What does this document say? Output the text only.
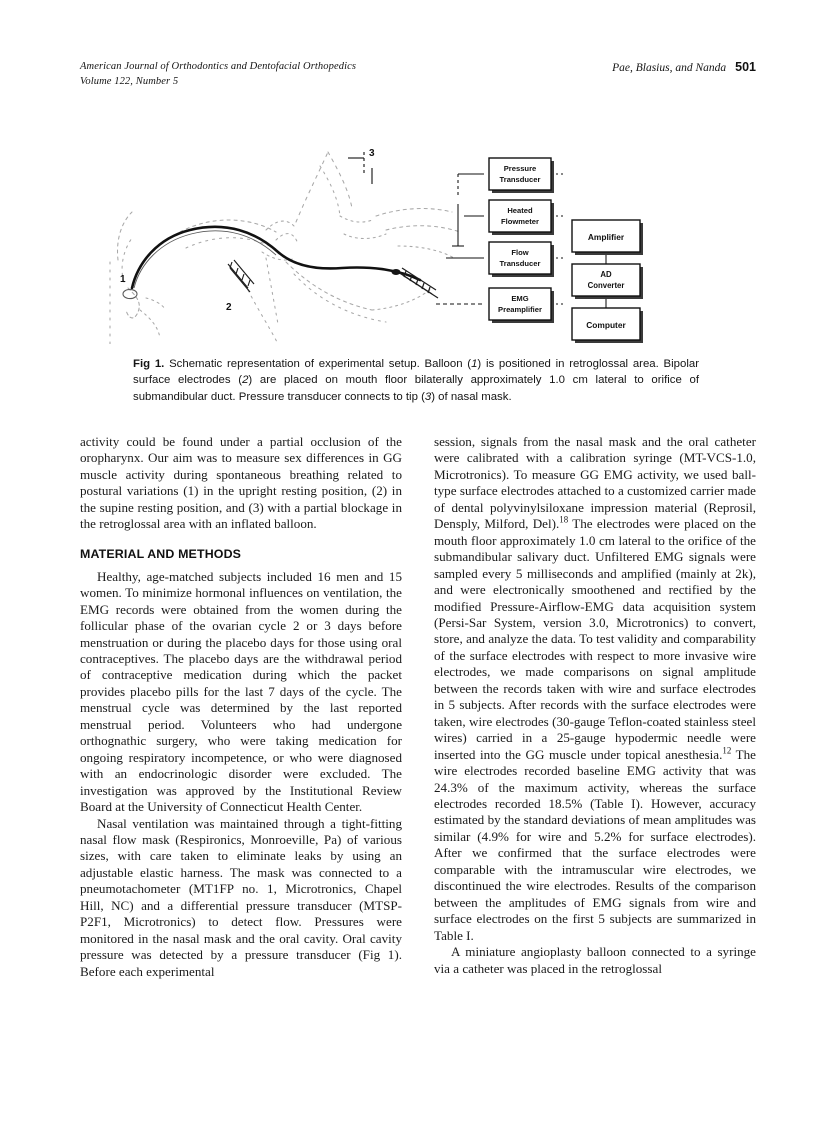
American Journal of Orthodontics and Dentofacial Orthopedics
Volume 122, Number 5
Pae, Blasius, and Nanda 501
1
2
3
Pressure
Transducer
Heated
Flowmeter
Flow
Transducer
EMG
Preamplifier
Amplifier
AD
Converter
Computer
Fig 1. Schematic representation of experimental setup. Balloon (1) is positioned in retroglossal area. Bipolar surface electrodes (2) are placed on mouth floor bilaterally approximately 1.0 cm lateral to orifice of submandibular duct. Pressure transducer connects to tip (3) of nasal mask.

activity could be found under a partial occlusion of the oropharynx. Our aim was to measure sex differences in GG muscle activity during spontaneous breathing related to postural variations (1) in the upright resting position, (2) in the supine resting position, and (3) with a partial blockage in the retroglossal area with an inflated balloon.

MATERIAL AND METHODS

Healthy, age-matched subjects included 16 men and 15 women. To minimize hormonal influences on ventilation, the EMG records were obtained from the women during the follicular phase of the ovarian cycle 2 or 3 days before menstruation or during the placebo days for those using oral contraceptives. The placebo days are the withdrawal period of contraceptive medication during which the packet provides placebo pills for the last 7 days of the cycle. The menstrual cycle was determined by the last reported menstrual period. Volunteers who had undergone orthognathic surgery, who were taking medication for ongoing respiratory incompetence, or who were diagnosed with an endocrinologic disorder were excluded. The investigation was approved by the Institutional Review Board at the University of Connecticut Health Center.

Nasal ventilation was maintained through a tight-fitting nasal flow mask (Respironics, Monroeville, Pa) of various sizes, with care taken to eliminate leaks by using an adjustable elastic harness. The mask was connected to a pneumotachometer (MT1FP no. 1, Microtronics, Chapel Hill, NC) and a differential pressure transducer (MTSP-P2F1, Microtronics) to detect flow. Pressures were monitored in the nasal mask and the oral cavity. Oral cavity pressure was detected by a pressure transducer (Fig 1). Before each experimental

session, signals from the nasal mask and the oral catheter were calibrated with a calibration syringe (MT-VCS-1.0, Microtronics). To measure GG EMG activity, we used ball-type surface electrodes attached to a customized carrier made of dental polyvinylsiloxane impression material (Reprosil, Densply, Milford, Del).$^{18}$ The electrodes were placed on the mouth floor approximately 1.0 cm lateral to the orifice of the submandibular salivary duct. Unfiltered EMG signals were sampled every 5 milliseconds and amplified (mainly at 2k), and were electronically smoothened and rectified by the modified Pressure-Airflow-EMG data acquisition system (Persi-Sar System, version 3.0, Microtronics) to convert, store, and analyze the data. To test validity and comparability of the surface electrodes with respect to more invasive wire electrodes, we made comparisons on signal amplitude between the records taken with wire and surface electrodes in 5 subjects. After records with the surface electrodes were taken, wire electrodes (30-gauge Teflon-coated stainless steel wires) carried in a 25-gauge hypodermic needle were inserted into the GG muscle under topical anesthesia.$^{12}$ The wire electrodes recorded baseline EMG activity that was 24.3% of the maximum activity, whereas the surface electrodes recorded 18.5% (Table I). However, accuracy estimated by the standard deviations of mean amplitudes was similar (4.9% for wire and 5.2% for surface electrodes). After we confirmed that the surface electrodes were comparable with the intramuscular wire electrodes, we discontinued the wire electrodes. Results of the comparison between the amplitudes of EMG signals from wire and surface electrodes on the first 5 subjects are summarized in Table I.

A miniature angioplasty balloon connected to a syringe via a catheter was placed in the retroglossal
